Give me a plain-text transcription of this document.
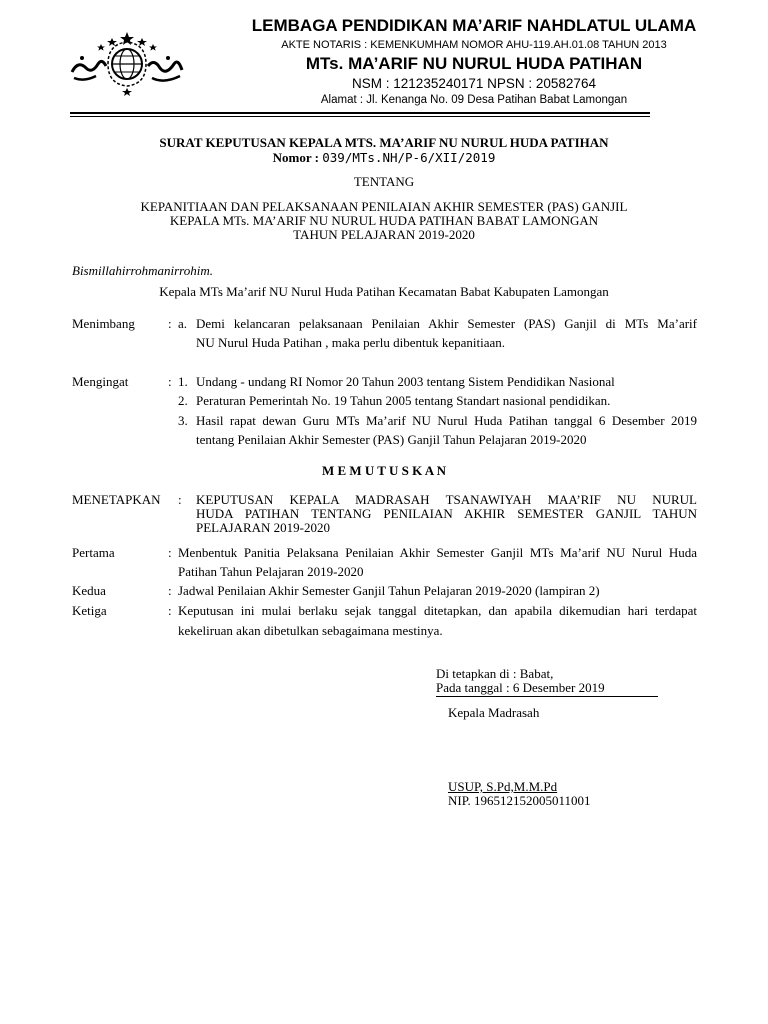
LEMBAGA PENDIDIKAN MA’ARIF NAHDLATUL ULAMA
AKTE NOTARIS : KEMENKUMHAM NOMOR AHU-119.AH.01.08 TAHUN 2013
MTs. MA’ARIF NU NURUL HUDA PATIHAN
NSM : 121235240171 NPSN : 20582764
Alamat : Jl. Kenanga No. 09 Desa Patihan Babat Lamongan
SURAT KEPUTUSAN KEPALA MTS. MA’ARIF NU NURUL HUDA PATIHAN
Nomor : 039/MTs.NH/P-6/XII/2019
TENTANG
KEPANITIAAN DAN PELAKSANAAN PENILAIAN AKHIR SEMESTER (PAS) GANJIL
KEPALA MTs. MA’ARIF NU NURUL HUDA PATIHAN BABAT LAMONGAN
TAHUN PELAJARAN 2019-2020
Bismillahirrohmanirrohim.
Kepala MTs Ma’arif NU Nurul Huda Patihan Kecamatan Babat Kabupaten Lamongan
Menimbang	: a. Demi kelancaran pelaksanaan Penilaian Akhir Semester (PAS) Ganjil di MTs Ma’arif
NU Nurul Huda Patihan , maka perlu dibentuk kepanitiaan.
Mengingat	: 1. Undang - undang RI Nomor 20 Tahun 2003 tentang Sistem Pendidikan Nasional
2. Peraturan Pemerintah No. 19 Tahun 2005 tentang Standart nasional pendidikan.
3. Hasil rapat dewan Guru MTs Ma’arif NU Nurul Huda Patihan tanggal 6 Desember 2019
tentang Penilaian Akhir Semester (PAS) Ganjil Tahun Pelajaran 2019-2020
M E M U T U S K A N
MENETAPKAN : KEPUTUSAN KEPALA MADRASAH TSANAWIYAH MAA’RIF NU NURUL
HUDA PATIHAN TENTANG PENILAIAN AKHIR SEMESTER GANJIL TAHUN
PELAJARAN 2019-2020
Pertama	: Menbentuk Panitia Pelaksana Penilaian Akhir Semester Ganjil MTs Ma’arif NU Nurul Huda
Patihan Tahun Pelajaran 2019-2020
Kedua	: Jadwal Penilaian Akhir Semester Ganjil Tahun Pelajaran 2019-2020 (lampiran 2)
Ketiga	: Keputusan ini mulai berlaku sejak tanggal ditetapkan, dan apabila dikemudian hari terdapat
kekeliruan akan dibetulkan sebagaimana mestinya.
Di tetapkan di : Babat,
Pada tanggal : 6 Desember 2019
Kepala Madrasah
USUP, S.Pd,M.M.Pd
NIP. 196512152005011001
